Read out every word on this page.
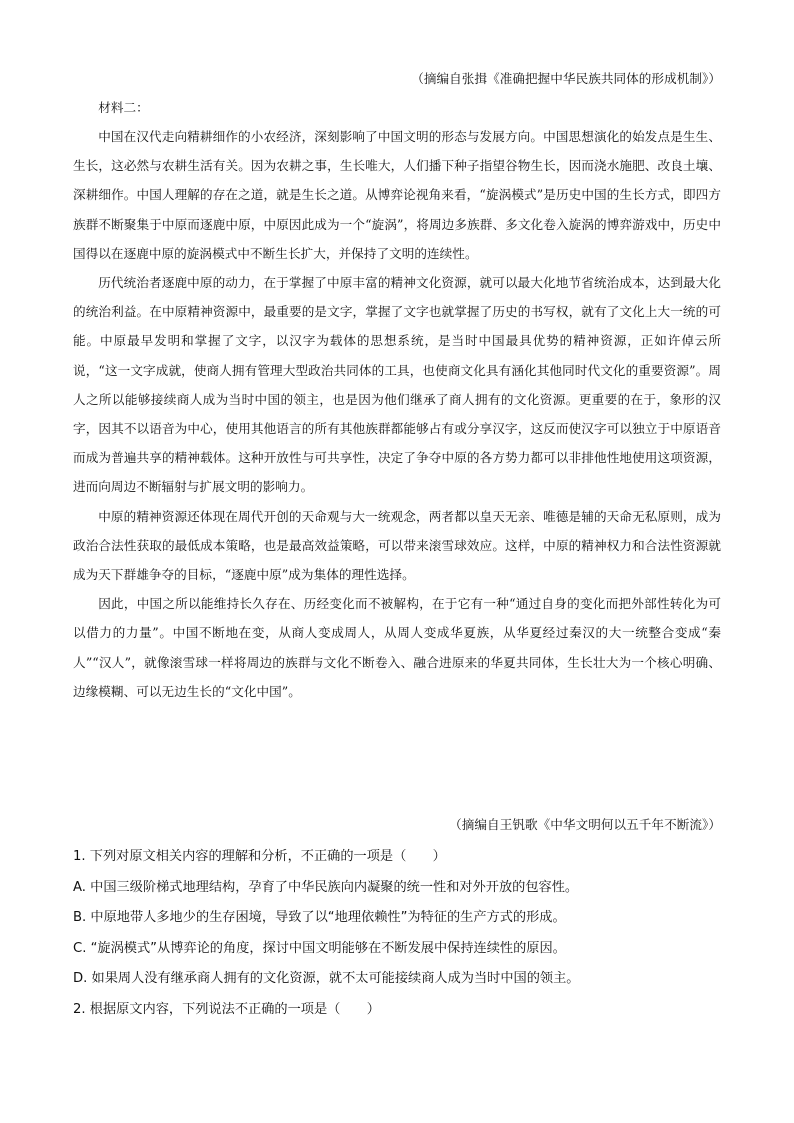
（摘编自张揖《准确把握中华民族共同体的形成机制》）

材料二：

中国在汉代走向精耕细作的小农经济，深刻影响了中国文明的形态与发展方向。中国思想演化的始发点是生生、生长，这必然与农耕生活有关。因为农耕之事，生长唯大，人们播下种子指望谷物生长，因而浇水施肥、改良土壤、深耕细作。中国人理解的存在之道，就是生长之道。从博弈论视角来看，“旋涡模式”是历史中国的生长方式，即四方族群不断聚集于中原而逐鹿中原，中原因此成为一个“旋涡”，将周边多族群、多文化卷入旋涡的博弈游戏中，历史中国得以在逐鹿中原的旋涡模式中不断生长扩大，并保持了文明的连续性。

历代统治者逐鹿中原的动力，在于掌握了中原丰富的精神文化资源，就可以最大化地节省统治成本，达到最大化的统治利益。在中原精神资源中，最重要的是文字，掌握了文字也就掌握了历史的书写权，就有了文化上大一统的可能。中原最早发明和掌握了文字，以汉字为载体的思想系统，是当时中国最具优势的精神资源，正如许倬云所说，“这一文字成就，使商人拥有管理大型政治共同体的工具，也使商文化具有涵化其他同时代文化的重要资源”。周人之所以能够接续商人成为当时中国的领主，也是因为他们继承了商人拥有的文化资源。更重要的在于，象形的汉字，因其不以语音为中心，使用其他语言的所有其他族群都能够占有或分享汉字，这反而使汉字可以独立于中原语音而成为普遍共享的精神载体。这种开放性与可共享性，决定了争夺中原的各方势力都可以非排他性地使用这项资源，进而向周边不断辐射与扩展文明的影响力。

中原的精神资源还体现在周代开创的天命观与大一统观念，两者都以皇天无亲、唯德是辅的天命无私原则，成为政治合法性获取的最低成本策略，也是最高效益策略，可以带来滚雪球效应。这样，中原的精神权力和合法性资源就成为天下群雄争夺的目标，“逐鹿中原”成为集体的理性选择。

因此，中国之所以能维持长久存在、历经变化而不被解构，在于它有一种“通过自身的变化而把外部性转化为可以借力的力量”。中国不断地在变，从商人变成周人，从周人变成华夏族，从华夏经过秦汉的大一统整合变成“秦人”“汉人”，就像滚雪球一样将周边的族群与文化不断卷入、融合进原来的华夏共同体，生长壮大为一个核心明确、边缘模糊、可以无边生长的“文化中国”。

（摘编自王钒歌《中华文明何以五千年不断流》）
1. 下列对原文相关内容的理解和分析，不正确的一项是（　　）
A. 中国三级阶梯式地理结构，孕育了中华民族向内凝聚的统一性和对外开放的包容性。
B. 中原地带人多地少的生存困境，导致了以“地理依赖性”为特征的生产方式的形成。
C. “旋涡模式”从博弈论的角度，探讨中国文明能够在不断发展中保持连续性的原因。
D. 如果周人没有继承商人拥有的文化资源，就不太可能接续商人成为当时中国的领主。
2. 根据原文内容，下列说法不正确的一项是（　　）
